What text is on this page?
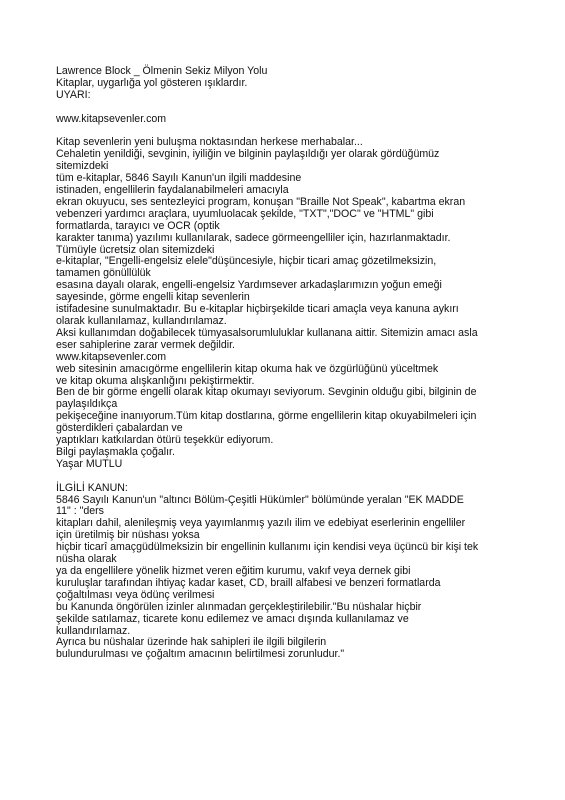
Lawrence Block _ Ölmenin Sekiz Milyon Yolu
Kitaplar, uygarlığa yol gösteren ışıklardır.
UYARI:
www.kitapsevenler.com
Kitap sevenlerin yeni buluşma noktasından herkese merhabalar...
Cehaletin yenildiği, sevginin, iyiliğin ve bilginin paylaşıldığı yer olarak gördüğümüz
sitemizdeki
tüm e-kitaplar, 5846 Sayılı Kanun'un ilgili maddesine
istinaden, engellilerin faydalanabilmeleri amacıyla
ekran okuyucu, ses sentezleyici program, konuşan "Braille Not Speak", kabartma ekran
vebenzeri yardımcı araçlara, uyumluolacak şekilde, "TXT","DOC" ve "HTML" gibi
formatlarda, tarayıcı ve OCR (optik
karakter tanıma) yazılımı kullanılarak, sadece görmeengelliler için, hazırlanmaktadır.
Tümüyle ücretsiz olan sitemizdeki
e-kitaplar, "Engelli-engelsiz elele"düşüncesiyle, hiçbir ticari amaç gözetilmeksizin,
tamamen gönüllülük
esasına dayalı olarak, engelli-engelsiz Yardımsever arkadaşlarımızın yoğun emeği
sayesinde, görme engelli kitap sevenlerin
istifadesine sunulmaktadır. Bu e-kitaplar hiçbirşekilde ticari amaçla veya kanuna aykırı
olarak kullanılamaz, kullandırılamaz.
Aksi kullanımdan doğabilecek tümyasalsorumluluklar kullanana aittir. Sitemizin amacı asla
eser sahiplerine zarar vermek değildir.
www.kitapsevenler.com
web sitesinin amacıgörme engellilerin kitap okuma hak ve özgürlüğünü yüceltmek
ve kitap okuma alışkanlığını pekiştirmektir.
Ben de bir görme engelli olarak kitap okumayı seviyorum. Sevginin olduğu gibi, bilginin de
paylaşıldıkça
pekişeceğine inanıyorum.Tüm kitap dostlarına, görme engellilerin kitap okuyabilmeleri için
gösterdikleri çabalardan ve
yaptıkları katkılardan ötürü teşekkür ediyorum.
Bilgi paylaşmakla çoğalır.
Yaşar MUTLU
İLGİLİ KANUN:
5846 Sayılı Kanun'un "altıncı Bölüm-Çeşitli Hükümler" bölümünde yeralan "EK MADDE
11" : "ders
kitapları dahil, alenileşmiş veya yayımlanmış yazılı ilim ve edebiyat eserlerinin engelliler
için üretilmiş bir nüshası yoksa
hiçbir ticarî amaçgüdülmeksizin bir engellinin kullanımı için kendisi veya üçüncü bir kişi tek
nüsha olarak
ya da engellilere yönelik hizmet veren eğitim kurumu, vakıf veya dernek gibi
kuruluşlar tarafından ihtiyaç kadar kaset, CD, braill alfabesi ve benzeri formatlarda
çoğaltılması veya ödünç verilmesi
bu Kanunda öngörülen izinler alınmadan gerçekleştirilebilir."Bu nüshalar hiçbir
şekilde satılamaz, ticarete konu edilemez ve amacı dışında kullanılamaz ve
kullandırılamaz.
Ayrıca bu nüshalar üzerinde hak sahipleri ile ilgili bilgilerin
bulundurulması ve çoğaltım amacının belirtilmesi zorunludur."
